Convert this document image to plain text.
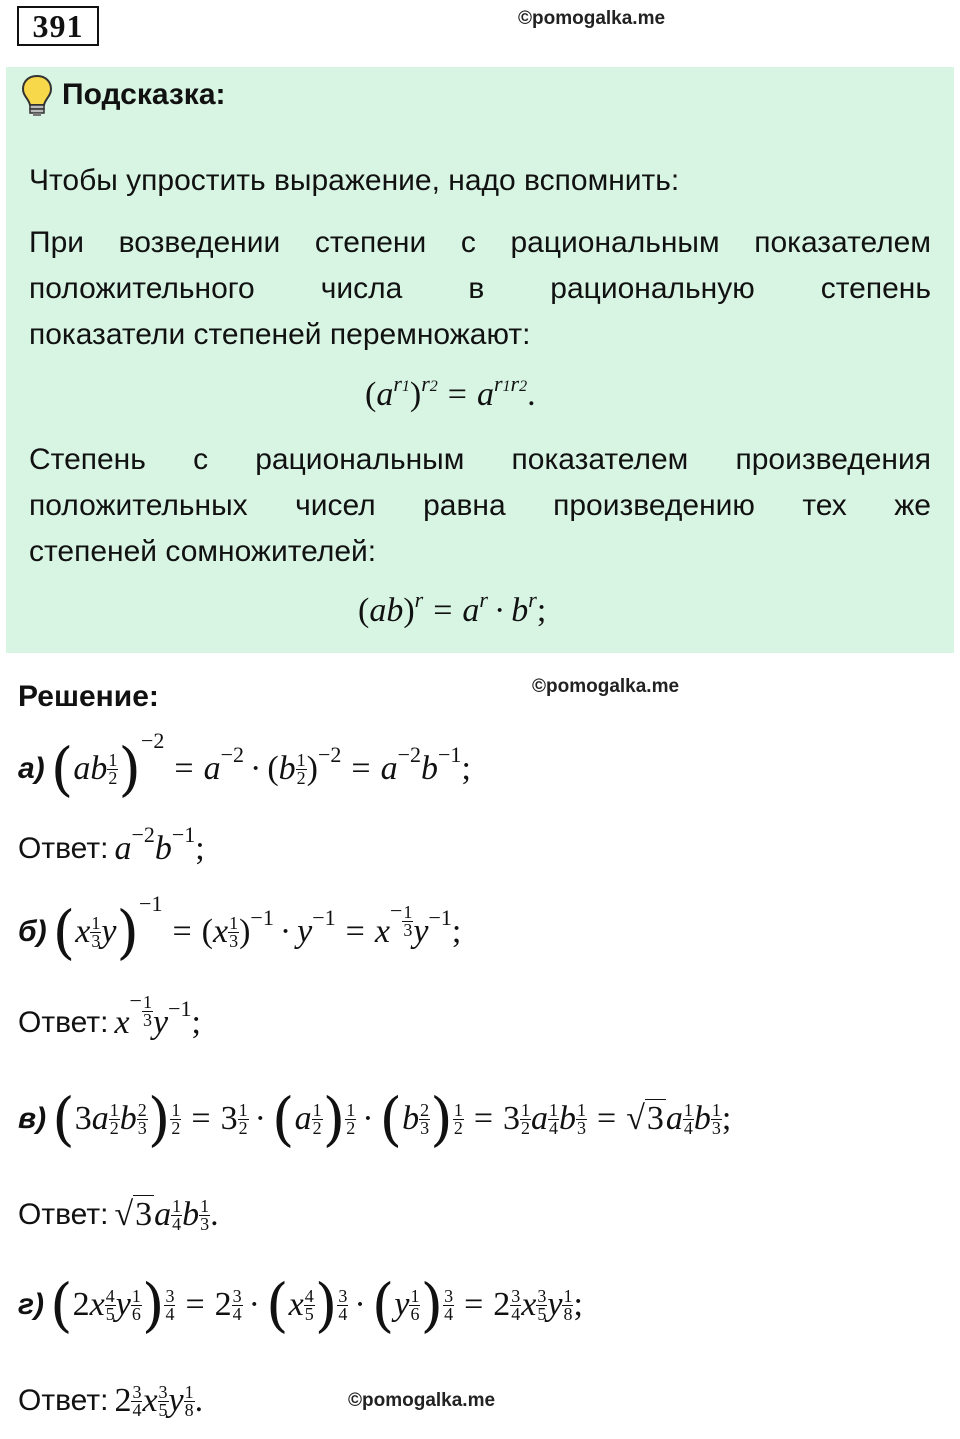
391	©pomogalka.me
Подсказка:
Чтобы упростить выражение, надо вспомнить:
При возведении степени с рациональным показателем
положительного числа в рациональную степень
показатели степеней перемножают:
$(a^{r1})^{r2} = a^{r1r2}$.
Степень с рациональным показателем произведения
положительных чисел равна произведению тех же
степеней сомножителей:
$(ab)^r = a^r \cdot b^r$;
Решение:	©pomogalka.me
а) ( ab $\frac{1}{2}$ ) −2
= a −2 · ( b $\frac{1}{2}$ ) −2 = a −2 b −1 ;
Ответ: a −2 b −1 ;
б) ( x $\frac{1}{3}$ y ) −1
= ( x $\frac{1}{3}$ ) −1 · y −1 = x
− $\frac{1}{3}$ y −1 ;
Ответ: x
− $\frac{1}{3}$ y −1 ;
в) ( 3 a $\frac{1}{2}$ b $\frac{2}{3}$ ) $\frac{1}{2} = 3 \frac{1}{2}$ · ( a $\frac{1}{2}$ ) $\frac{1}{2}$ · ( b $\frac{2}{3}$ ) $\frac{1}{2} = 3 \frac{1}{2}$ a $\frac{1}{4}$ b $\frac{1}{3} = √3$ a $\frac{1}{4}$ b $\frac{1}{3}$ ;
Ответ: √3 a $\frac{1}{4}$ b $\frac{1}{3}$ .
г) ( 2 x $\frac{4}{5}$ y $\frac{1}{6}$ ) $\frac{3}{4} = 2 \frac{3}{4}$ · ( x $\frac{4}{5}$ ) $\frac{3}{4}$ · ( y $\frac{1}{6}$ ) $\frac{3}{4} = 2 \frac{3}{4}$ x $\frac{3}{5}$ y $\frac{1}{8}$ ;
Ответ: $2 \frac{3}{4}$ x $\frac{3}{5}$ y $\frac{1}{8}$ .	©pomogalka.me
